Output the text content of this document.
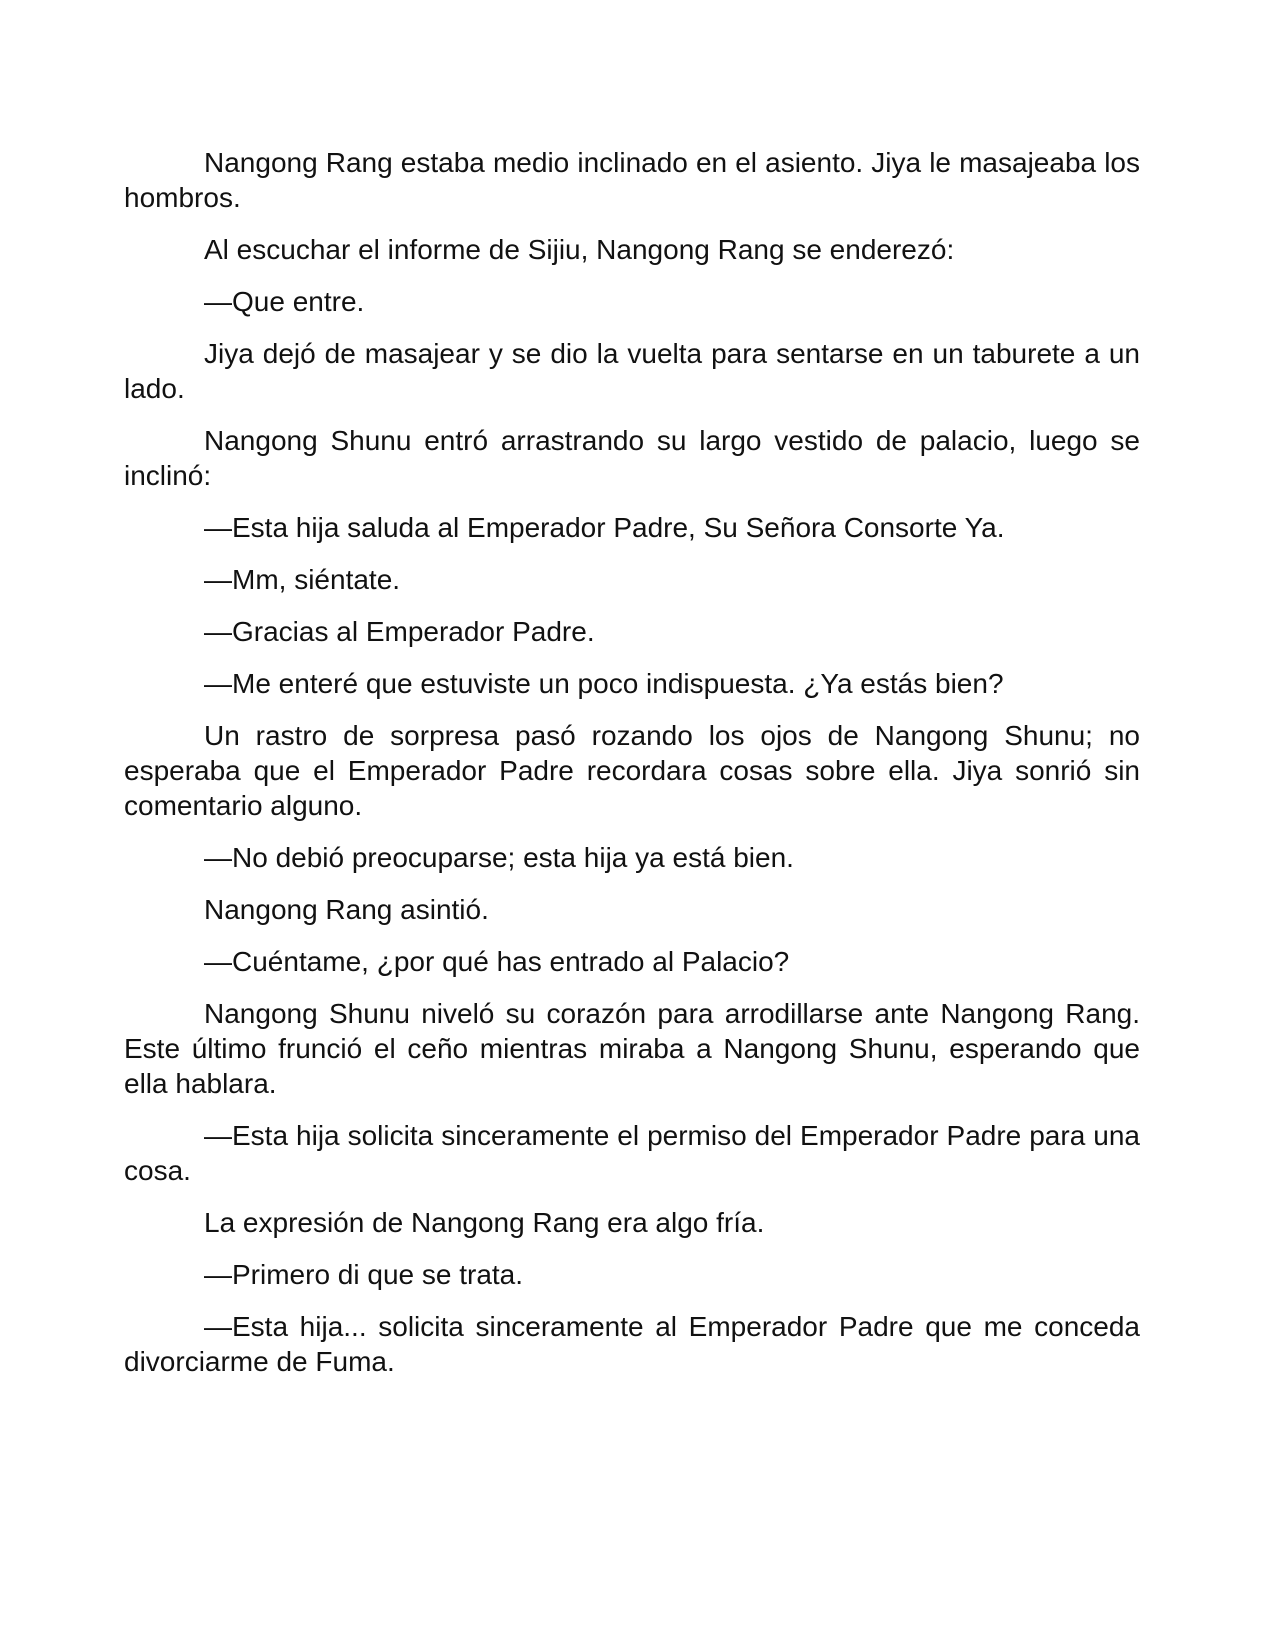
Nangong Rang estaba medio inclinado en el asiento. Jiya le masajeaba los hombros.

Al escuchar el informe de Sijiu, Nangong Rang se enderezó:

—Que entre.

Jiya dejó de masajear y se dio la vuelta para sentarse en un taburete a un lado.

Nangong Shunu entró arrastrando su largo vestido de palacio, luego se inclinó:

—Esta hija saluda al Emperador Padre, Su Señora Consorte Ya.

—Mm, siéntate.

—Gracias al Emperador Padre.

—Me enteré que estuviste un poco indispuesta. ¿Ya estás bien?

Un rastro de sorpresa pasó rozando los ojos de Nangong Shunu; no esperaba que el Emperador Padre recordara cosas sobre ella. Jiya sonrió sin comentario alguno.

—No debió preocuparse; esta hija ya está bien.

Nangong Rang asintió.

—Cuéntame, ¿por qué has entrado al Palacio?

Nangong Shunu niveló su corazón para arrodillarse ante Nangong Rang. Este último frunció el ceño mientras miraba a Nangong Shunu, esperando que ella hablara.

—Esta hija solicita sinceramente el permiso del Emperador Padre para una cosa.

La expresión de Nangong Rang era algo fría.

—Primero di que se trata.

—Esta hija... solicita sinceramente al Emperador Padre que me conceda divorciarme de Fuma.
